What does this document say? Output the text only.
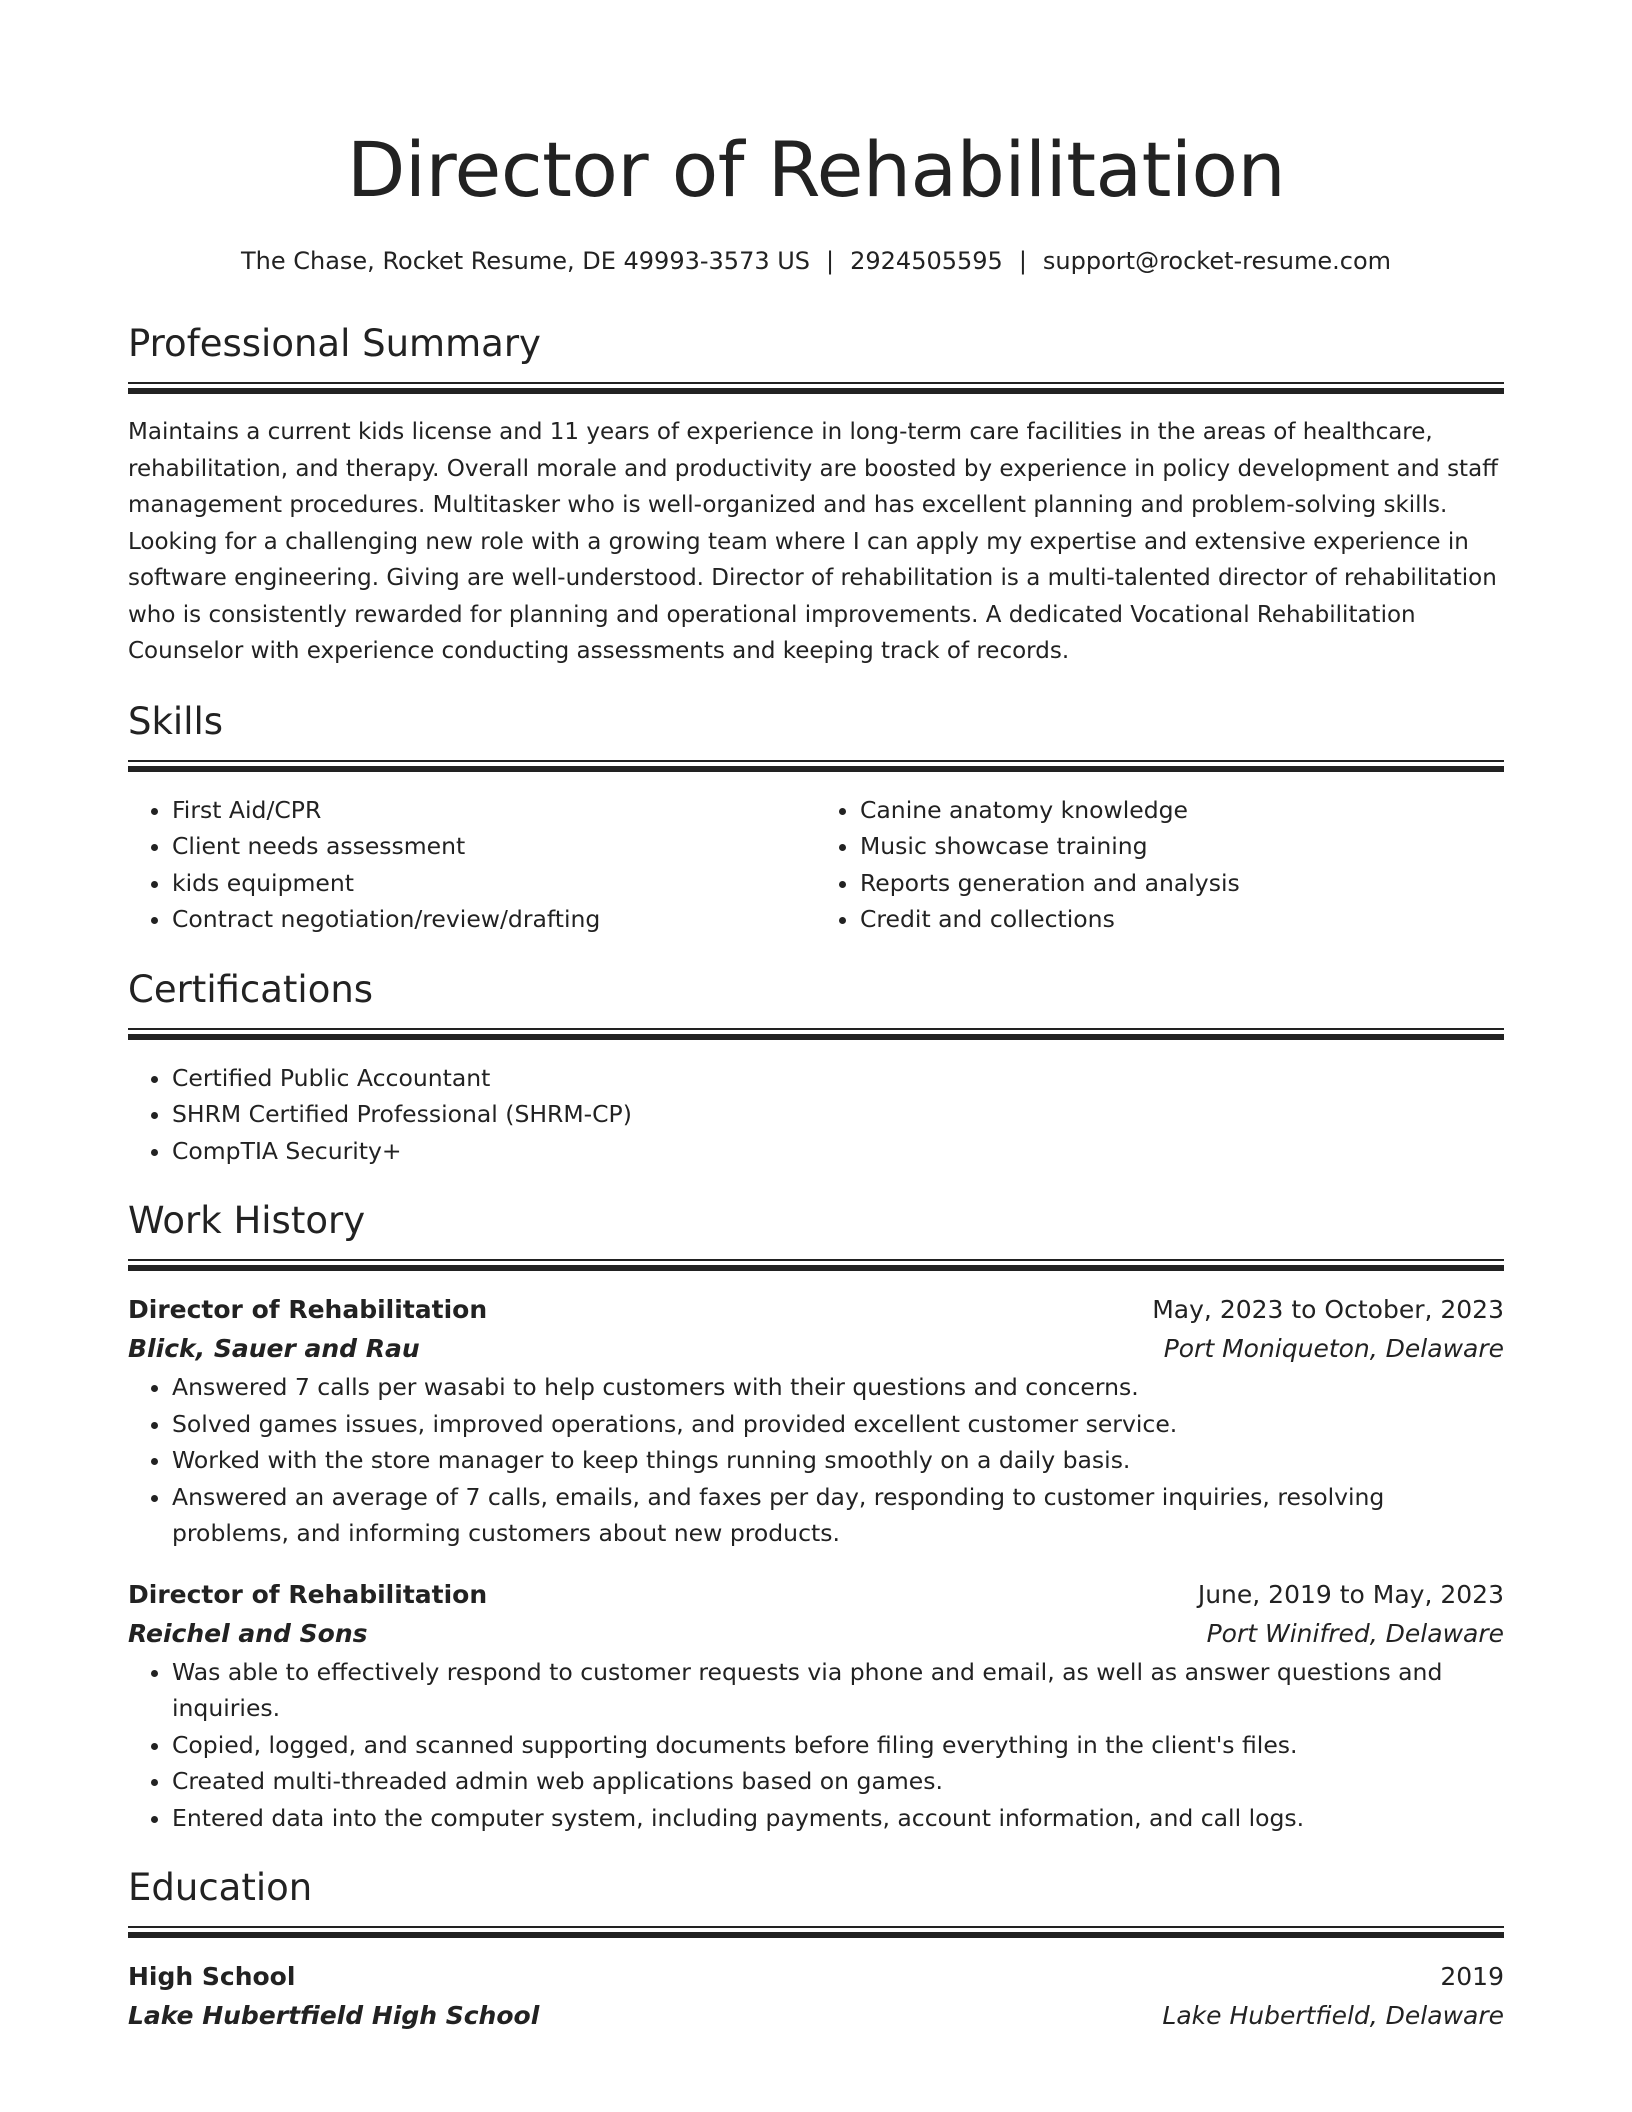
Director of Rehabilitation
The Chase, Rocket Resume, DE 49993-3573 US | 2924505595 | support@rocket-resume.com
Professional Summary

Maintains a current kids license and 11 years of experience in long-term care facilities in the areas of healthcare, rehabilitation, and therapy. Overall morale and productivity are boosted by experience in policy development and staff management procedures. Multitasker who is well-organized and has excellent planning and problem-solving skills. Looking for a challenging new role with a growing team where I can apply my expertise and extensive experience in software engineering. Giving are well-understood. Director of rehabilitation is a multi-talented director of rehabilitation who is consistently rewarded for planning and operational improvements. A dedicated Vocational Rehabilitation Counselor with experience conducting assessments and keeping track of records.

Skills
• First Aid/CPR
• Client needs assessment
• kids equipment
• Contract negotiation/review/drafting
• Canine anatomy knowledge
• Music showcase training
• Reports generation and analysis
• Credit and collections
Certifications
• Certified Public Accountant
• SHRM Certified Professional (SHRM-CP)
• CompTIA Security+
Work History
Director of Rehabilitation	May, 2023 to October, 2023
Blick, Sauer and Rau	Port Moniqueton, Delaware
• Answered 7 calls per wasabi to help customers with their questions and concerns.
• Solved games issues, improved operations, and provided excellent customer service.
• Worked with the store manager to keep things running smoothly on a daily basis.
• Answered an average of 7 calls, emails, and faxes per day, responding to customer inquiries, resolving problems, and informing customers about new products.
Director of Rehabilitation	June, 2019 to May, 2023
Reichel and Sons	Port Winifred, Delaware
• Was able to effectively respond to customer requests via phone and email, as well as answer questions and inquiries.
• Copied, logged, and scanned supporting documents before filing everything in the client's files.
• Created multi-threaded admin web applications based on games.
• Entered data into the computer system, including payments, account information, and call logs.
Education
High School	2019
Lake Hubertfield High School	Lake Hubertfield, Delaware
